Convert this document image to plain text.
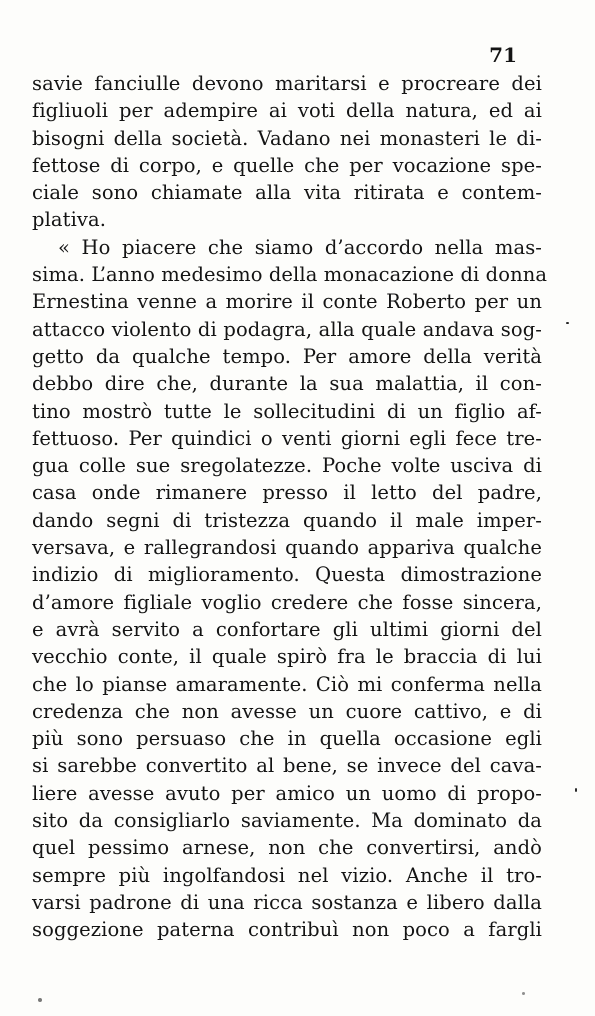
71
savie fanciulle devono maritarsi e procreare dei
figliuoli per adempire ai voti della natura, ed ai
bisogni della società. Vadano nei monasteri le di-
fettose di corpo, e quelle che per vocazione spe-
ciale sono chiamate alla vita ritirata e contem-
plativa.
« Ho piacere che siamo d’accordo nella mas-
sima. L’anno medesimo della monacazione di donna
Ernestina venne a morire il conte Roberto per un
attacco violento di podagra, alla quale andava sog-
getto da qualche tempo. Per amore della verità
debbo dire che, durante la sua malattia, il con-
tino mostrò tutte le sollecitudini di un figlio af-
fettuoso. Per quindici o venti giorni egli fece tre-
gua colle sue sregolatezze. Poche volte usciva di
casa onde rimanere presso il letto del padre,
dando segni di tristezza quando il male imper-
versava, e rallegrandosi quando appariva qualche
indizio di miglioramento. Questa dimostrazione
d’amore figliale voglio credere che fosse sincera,
e avrà servito a confortare gli ultimi giorni del
vecchio conte, il quale spirò fra le braccia di lui
che lo pianse amaramente. Ciò mi conferma nella
credenza che non avesse un cuore cattivo, e di
più sono persuaso che in quella occasione egli
si sarebbe convertito al bene, se invece del cava-
liere avesse avuto per amico un uomo di propo-
sito da consigliarlo saviamente. Ma dominato da
quel pessimo arnese, non che convertirsi, andò
sempre più ingolfandosi nel vizio. Anche il tro-
varsi padrone di una ricca sostanza e libero dalla
soggezione paterna contribuì non poco a fargli
